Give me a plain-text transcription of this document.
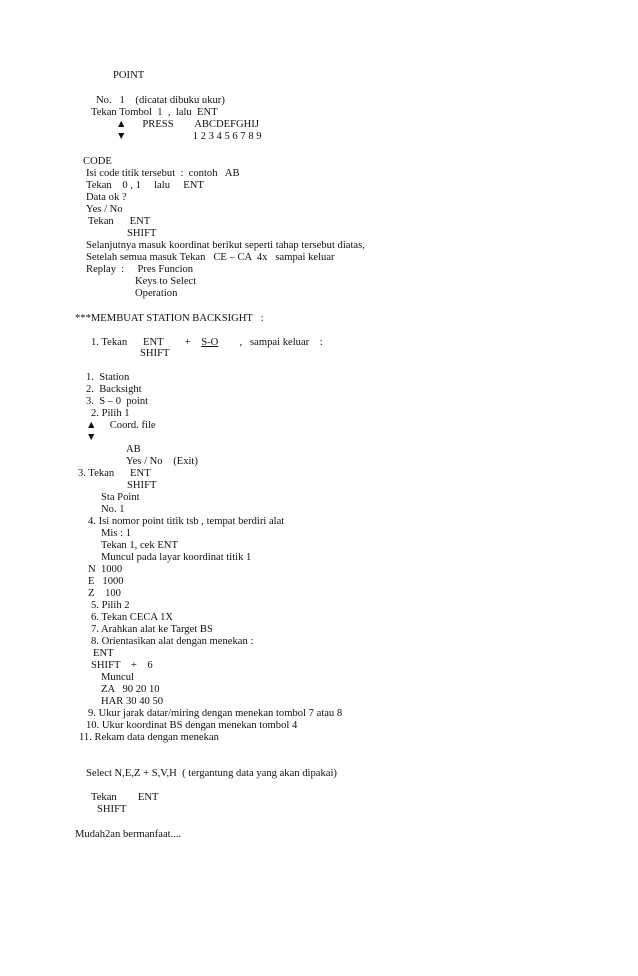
POINT
No.   1    (dicatat dibuku ukur)
Tekan Tombol  1  ,  lalu  ENT
▲      PRESS        ABCDEFGHIJ
▼                         1 2 3 4 5 6 7 8 9
CODE
Isi code titik tersebut  :  contoh   AB
Tekan    0 , 1     lalu     ENT
Data ok ?
Yes / No
Tekan      ENT
SHIFT
Selanjutnya masuk koordinat berikut seperti tahap tersebut diatas,
Setelah semua masuk Tekan   CE – CA  4x   sampai keluar
Replay  :     Pres Funcion
Keys to Select
Operation
***MEMBUAT STATION BACKSIGHT   :
1. Tekan      ENT        +    S-O        ,   sampai keluar    :
SHIFT
1.  Station
2.  Backsight
3.  S – 0  point
2. Pilih 1
▲     Coord. file
▼
AB
Yes / No    (Exit)
3. Tekan      ENT
SHIFT
Sta Point
No. 1
4. Isi nomor point titik tsb , tempat berdiri alat
Mis : 1
Tekan 1, cek ENT
Muncul pada layar koordinat titik 1
N  1000
E   1000
Z    100
5. Pilih 2
6. Tekan CECA 1X
7. Arahkan alat ke Target BS
8. Orientasikan alat dengan menekan :
ENT
SHIFT    +    6
Muncul
ZA   90 20 10
HAR 30 40 50
9. Ukur jarak datar/miring dengan menekan tombol 7 atau 8
10. Ukur koordinat BS dengan menekan tombol 4
11. Rekam data dengan menekan
Select N,E,Z + S,V,H  ( tergantung data yang akan dipakai)
Tekan        ENT
SHIFT
Mudah2an bermanfaat....
